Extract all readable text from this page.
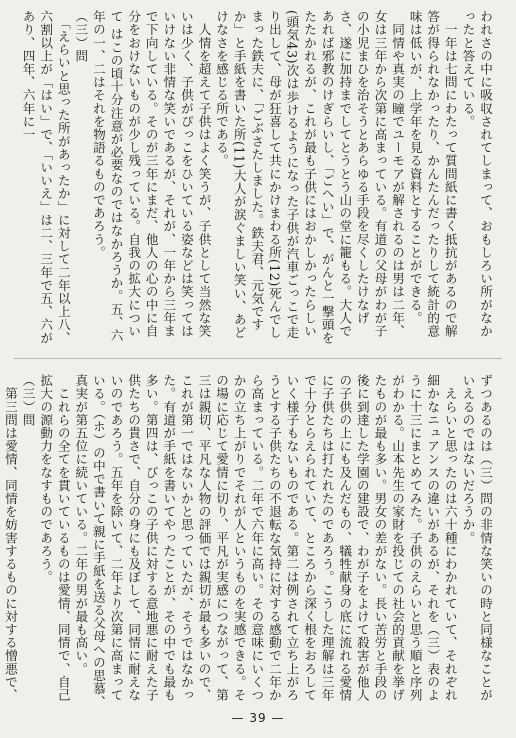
われさの中に吸収されてしまって、おもしろい所がなかったと答えている。
　一年は七問にわたって質問紙に書く抵抗があるので解答が得られなかったり、かんたんだったりして統計的意味は低いが、上学年を見る資料とすることができる。
　同情や真実の瞳でユーモアが解されるのは男は二年、女は三年から次第に高まっている。有道の父母がわが子の小児まひを治そうとあらゆる手段を尽くしたけなげさ、遂に加持までしてとうとう山の堂に籠もる。大人であれば邪教のけぎらいし、「ごへい」で、がんと一撃頭をたたかれるが、これが最も子供にはおかしかったらしい(頭気43)次は歩けるようになった子供が汽車ごっこで走り出して、母が狂喜して共にかけまわる所(12)死んでしまった鉄夫に、「ごぶさたしました。鉄夫君、元気ですか」と手紙を書いた所(11)大人が涙ぐましい笑い、あどけなさを感じる所である。
　人情を超えて子供はよく笑うが、子供として当然な笑いは少く、子供がぴっこをひいている姿などは笑ってはいけない非情な笑いであるが、それが、一年から三年まで下向している。そのが三年にまだ、他人の心の中に自分をおけないものが少し残っている。自我の拡大について はこの頃十分注意が必要なのではなかろうか。五、六年の一、二はそれを物語るものであろう。
（三）問
　「えらいと思った所があったか」に対して二年以上八、六割以上が「はい」で、「いいえ」は二、三年で五、六があり、四年、六年に一
ずつあるのは（三）問の非情な笑いの時と同様なことがいえるのではないだろうか。
　えらいと思ったのは六十種にわかれていて、それぞれ細かなニュアンスの違いがあるが、それを（三）表のように十三にまとめてみた。子供のえらいと思う順と序列がわかる。山本先生の家財を投じての社会的貢献を挙げたものが最も多い。男女の差がない。長い苦労と手段の後に到達した学園の建設で、わが子をよけて殺害が他人の子供の上にも及んだもの、犠牲献身の底に流れる愛情に子供たちは打たれたのであろう。こうした理解は三年で十分とらえられていて、ところから深く根をおろしていく様子もないものである。第二は例されて立ち上がろうとする子供たちの不退転な気持に対する感動で二年から高まっている。二年で六年に高い。その意味にいくつかの立ち上がりでそれが人というものを実感できる。その場に応じて愛情に切り、平凡が実感につながって、第三は親切、平凡な人物の評価では親切が最も多いので、これが第一ではないかと思っていたが、そうではなかった。有道が手紙を書いてやったことが、その中でも最も多い。第四は、びっこの子供に対する意地悪に耐えた子供たちの貴さで、自分の身にも及ぼして、同情に耐えないのであろう。五年を除いて、二年より次第に高まっている。（ホ）の中で書いて親に手紙を送る父母への思慕、真実が第五位に続いている。二年の男が最も高い。
　これらの全てを貫いているものは愛情、同情で、自己拡大の源動力をなすものであろう。
（三）問
　第三問は愛情、同情を妨害するものに対する憎悪で、
— 39 —
